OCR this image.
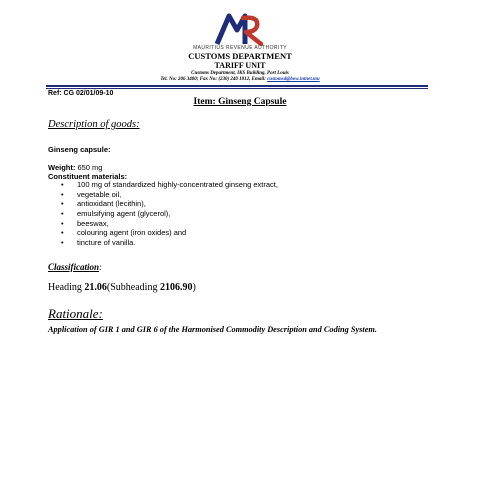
MAURITIUS REVENUE AUTHORITY
CUSTOMS DEPARTMENT
TARIFF UNIT
Customs Department, IKS Building, Port Louis
Tel. No: 206 3400; Fax No: (230) 240 1012, Email: customsd@bow.intnet.mu
Ref: CG 02/01/09-10
Item: Ginseng Capsule
Description of goods:
Ginseng capsule:
Weight: 650 mg
Constituent materials:
• 100 mg of standardized highly-concentrated ginseng extract,
• vegetable oil,
• antioxidant (lecithin),
• emulsifying agent (glycerol),
• beeswax,
• colouring agent (iron oxides) and
• tincture of vanilla.
Classification:
Heading 21.06(Subheading 2106.90)
Rationale:
Application of GIR 1 and GIR 6 of the Harmonised Commodity Description and Coding System.
